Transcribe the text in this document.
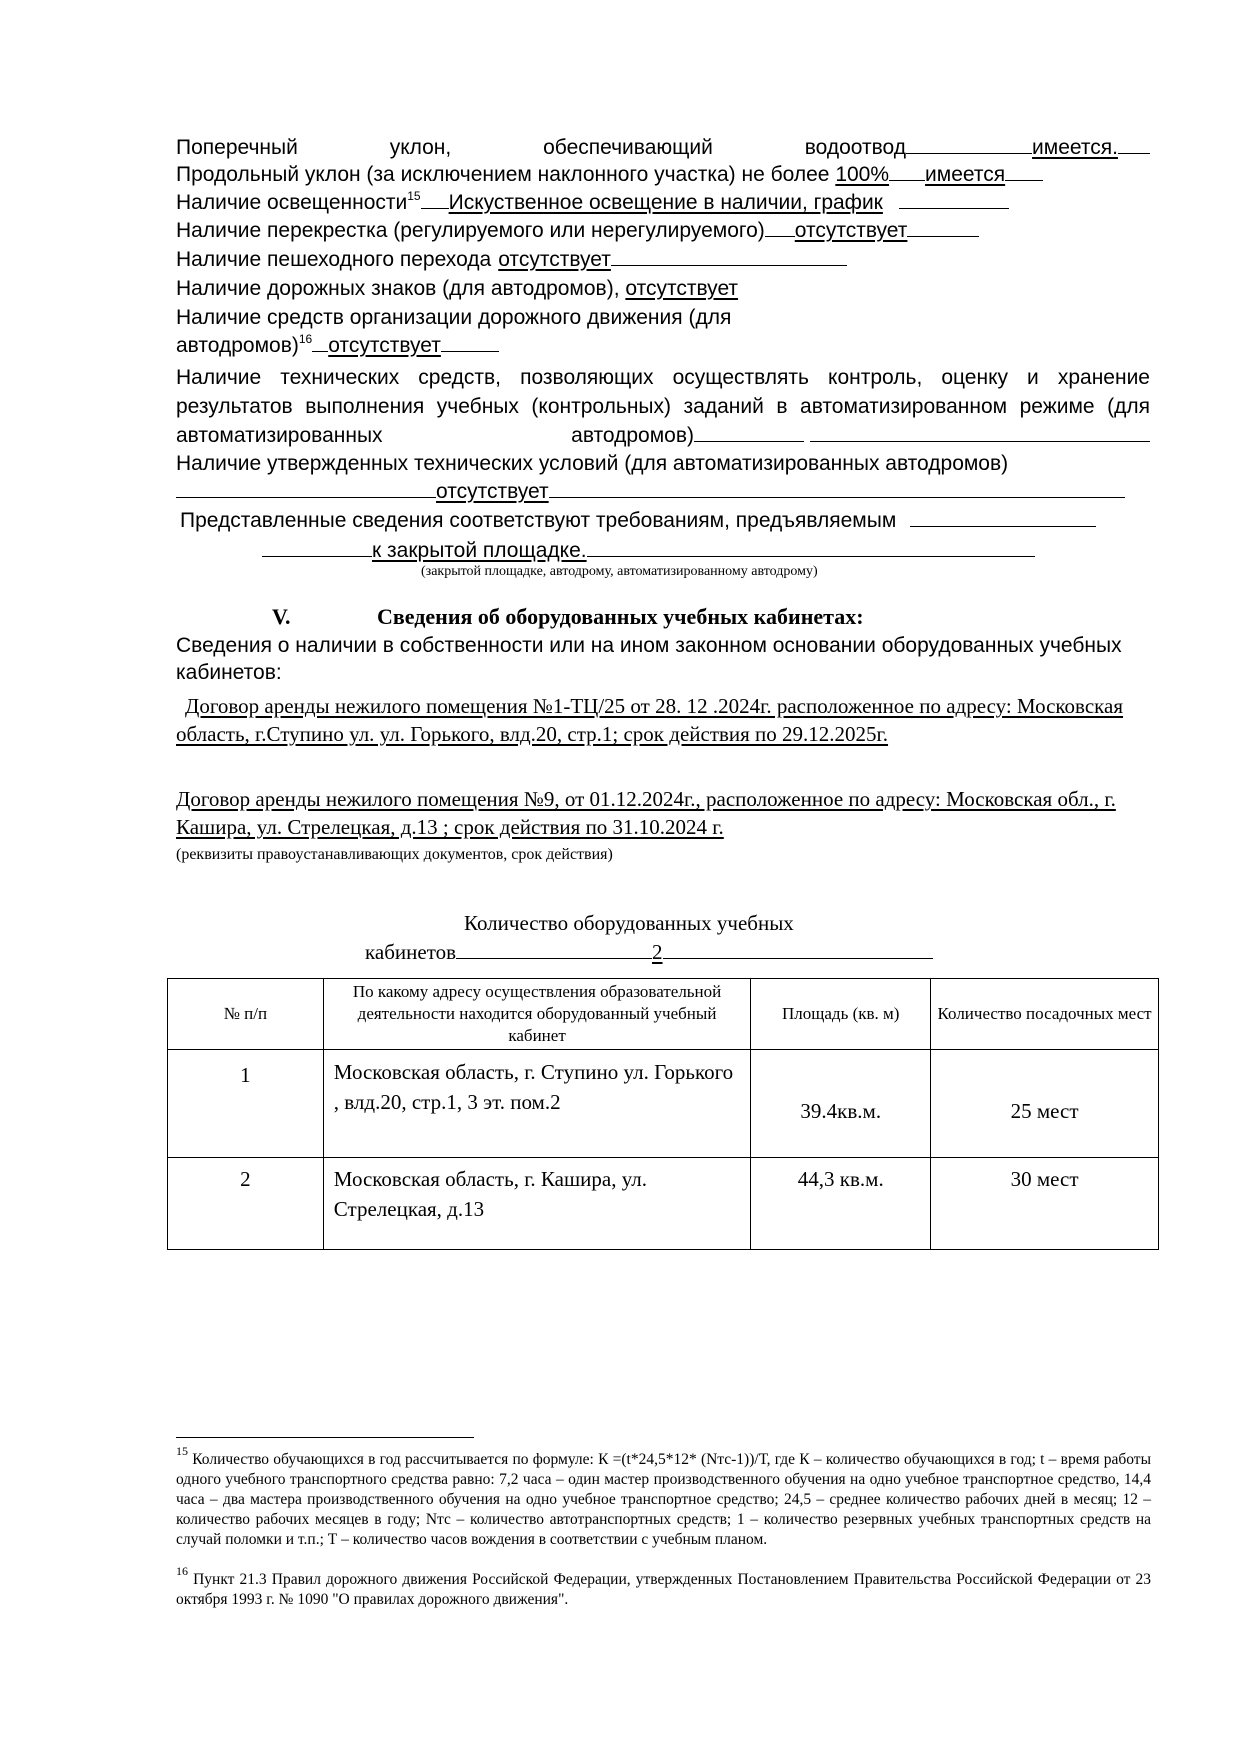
Поперечный	уклон,	обеспечивающий	водоотвод	имеется.
Продольный уклон (за исключением наклонного участка) не более 100% имеется
Наличие освещенности$^{15}$ Искуственное освещение в наличии, график
Наличие перекрестка (регулируемого или нерегулируемого) отсутствует
Наличие пешеходного перехода отсутствует
Наличие дорожных знаков (для автодромов), отсутствует
Наличие средств организации дорожного движения (для
автодромов)$^{16}$ отсутствует
Наличие технических средств, позволяющих осуществлять контроль, оценку и хранение результатов выполнения учебных (контрольных) заданий в автоматизированном режиме (для автоматизированных автодромов)
Наличие утвержденных технических условий (для автоматизированных автодромов)
отсутствует
Представленные сведения соответствуют требованиям, предъявляемым
к закрытой площадке.
(закрытой площадке, автодрому, автоматизированному автодрому)
V.	Сведения об оборудованных учебных кабинетах:
Сведения о наличии в собственности или на ином законном основании оборудованных учебных кабинетов:
Договор аренды нежилого помещения №1-ТЦ/25 от 28. 12 .2024г. расположенное по адресу: Московская область, г.Ступино ул. ул. Горького, влд.20, стр.1; срок действия по 29.12.2025г.
Договор аренды нежилого помещения №9, от 01.12.2024г., расположенное по адресу: Московская обл., г. Кашира, ул. Стрелецкая, д.13 ; срок действия по 31.10.2024 г.
(реквизиты правоустанавливающих документов, срок действия)
Количество оборудованных учебных
кабинетов	2
№ п/п	По какому адресу осуществления образовательной деятельности находится оборудованный учебный кабинет	Площадь (кв. м)	Количество посадочных мест
1	Московская область, г. Ступино ул. Горького , влд.20, стр.1, 3 эт. пом.2	39.4кв.м.	25 мест
2	Московская область, г. Кашира, ул. Стрелецкая, д.13	44,3 кв.м.	30 мест
$^{15}$ Количество обучающихся в год рассчитывается по формуле: К =(t*24,5*12* (Nтс-1))/Т, где К – количество обучающихся в год; t – время работы одного учебного транспортного средства равно: 7,2 часа – один мастер производственного обучения на одно учебное транспортное средство, 14,4 часа – два мастера производственного обучения на одно учебное транспортное средство; 24,5 – среднее количество рабочих дней в месяц; 12 – количество рабочих месяцев в году; Nтс – количество автотранспортных средств; 1 – количество резервных учебных транспортных средств на случай поломки и т.п.; Т – количество часов вождения в соответствии с учебным планом.
$^{16}$ Пункт 21.3 Правил дорожного движения Российской Федерации, утвержденных Постановлением Правительства Российской Федерации от 23 октября 1993 г. № 1090 "О правилах дорожного движения".
